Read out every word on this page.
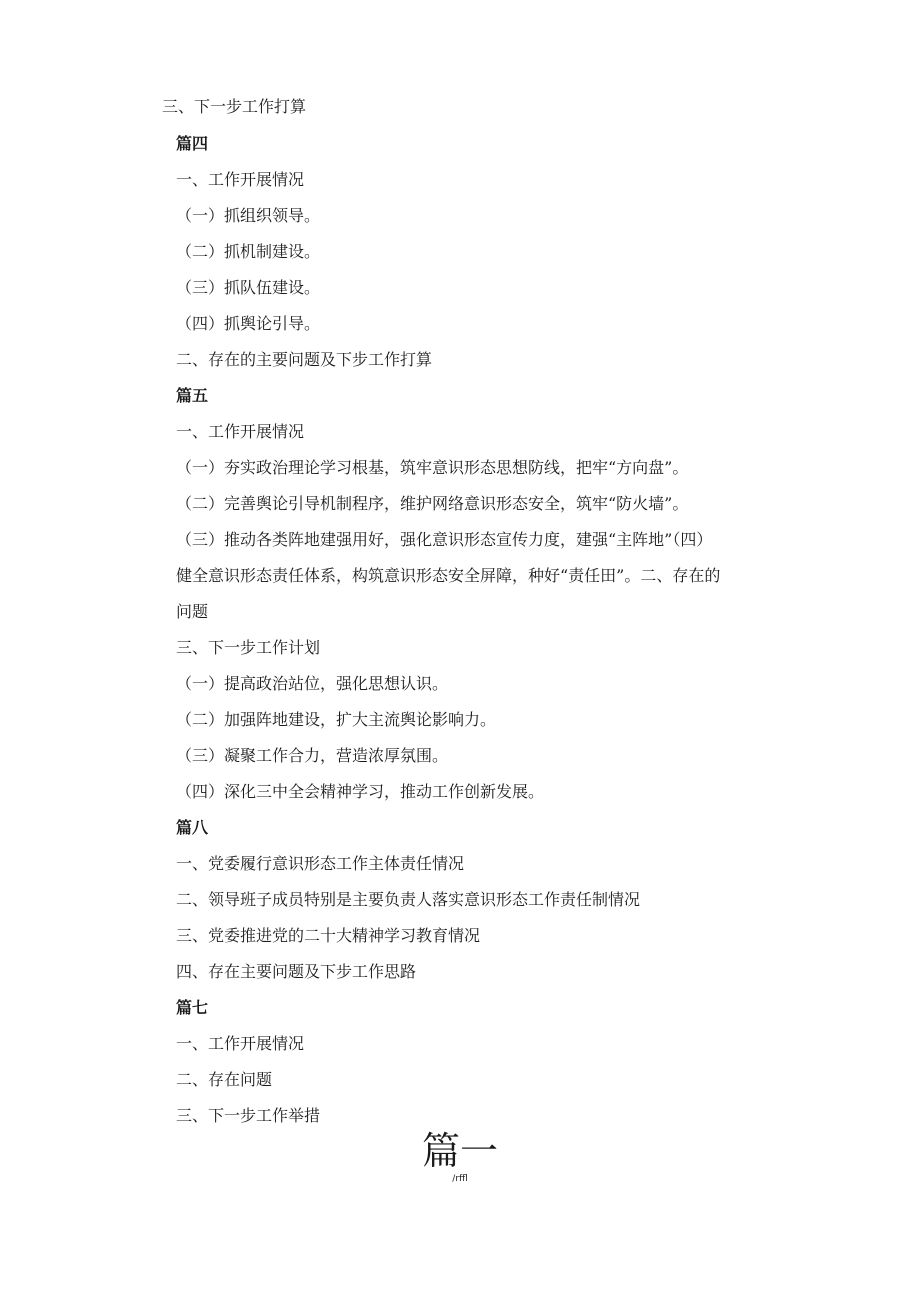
三、下一步工作打算
篇四
一、工作开展情况
（一）抓组织领导。
（二）抓机制建设。
（三）抓队伍建设。
（四）抓舆论引导。
二、存在的主要问题及下步工作打算
篇五
一、工作开展情况
（一）夯实政治理论学习根基，筑牢意识形态思想防线，把牢“方向盘”。
（二）完善舆论引导机制程序，维护网络意识形态安全，筑牢“防火墙”。
（三）推动各类阵地建强用好，强化意识形态宣传力度，建强“主阵地”（四）
健全意识形态责任体系，构筑意识形态安全屏障，种好“责任田”。二、存在的
问题
三、下一步工作计划
（一）提高政治站位，强化思想认识。
（二）加强阵地建设，扩大主流舆论影响力。
（三）凝聚工作合力，营造浓厚氛围。
（四）深化三中全会精神学习，推动工作创新发展。
篇八
一、党委履行意识形态工作主体责任情况
二、领导班子成员特别是主要负责人落实意识形态工作责任制情况
三、党委推进党的二十大精神学习教育情况
四、存在主要问题及下步工作思路
篇七
一、工作开展情况
二、存在问题
三、下一步工作举措
篇一
/rffl
